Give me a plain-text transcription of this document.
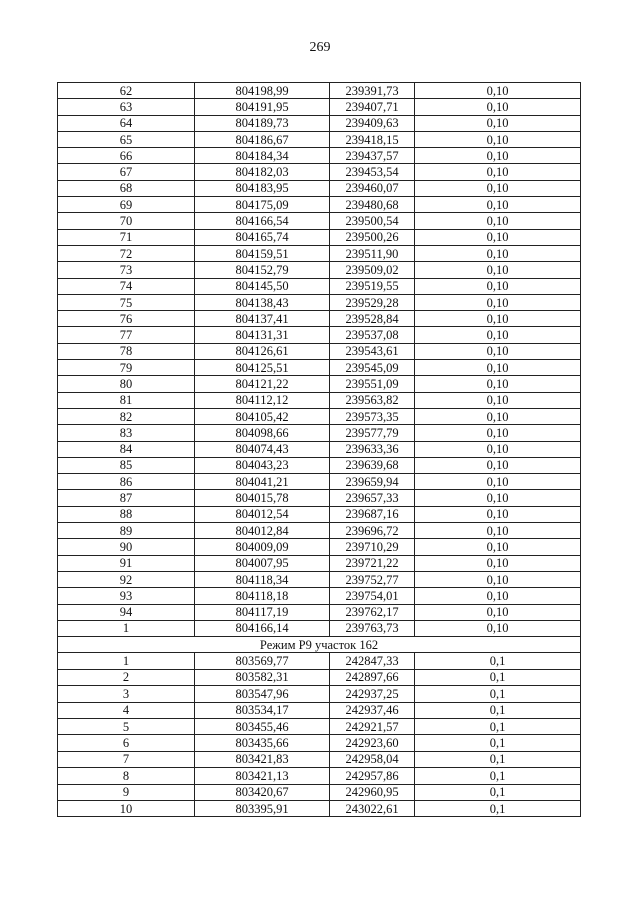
269
62	804198,99	239391,73	0,10
63	804191,95	239407,71	0,10
64	804189,73	239409,63	0,10
65	804186,67	239418,15	0,10
66	804184,34	239437,57	0,10
67	804182,03	239453,54	0,10
68	804183,95	239460,07	0,10
69	804175,09	239480,68	0,10
70	804166,54	239500,54	0,10
71	804165,74	239500,26	0,10
72	804159,51	239511,90	0,10
73	804152,79	239509,02	0,10
74	804145,50	239519,55	0,10
75	804138,43	239529,28	0,10
76	804137,41	239528,84	0,10
77	804131,31	239537,08	0,10
78	804126,61	239543,61	0,10
79	804125,51	239545,09	0,10
80	804121,22	239551,09	0,10
81	804112,12	239563,82	0,10
82	804105,42	239573,35	0,10
83	804098,66	239577,79	0,10
84	804074,43	239633,36	0,10
85	804043,23	239639,68	0,10
86	804041,21	239659,94	0,10
87	804015,78	239657,33	0,10
88	804012,54	239687,16	0,10
89	804012,84	239696,72	0,10
90	804009,09	239710,29	0,10
91	804007,95	239721,22	0,10
92	804118,34	239752,77	0,10
93	804118,18	239754,01	0,10
94	804117,19	239762,17	0,10
1	804166,14	239763,73	0,10
Режим Р9 участок 162			
1	803569,77	242847,33	0,1
2	803582,31	242897,66	0,1
3	803547,96	242937,25	0,1
4	803534,17	242937,46	0,1
5	803455,46	242921,57	0,1
6	803435,66	242923,60	0,1
7	803421,83	242958,04	0,1
8	803421,13	242957,86	0,1
9	803420,67	242960,95	0,1
10	803395,91	243022,61	0,1
